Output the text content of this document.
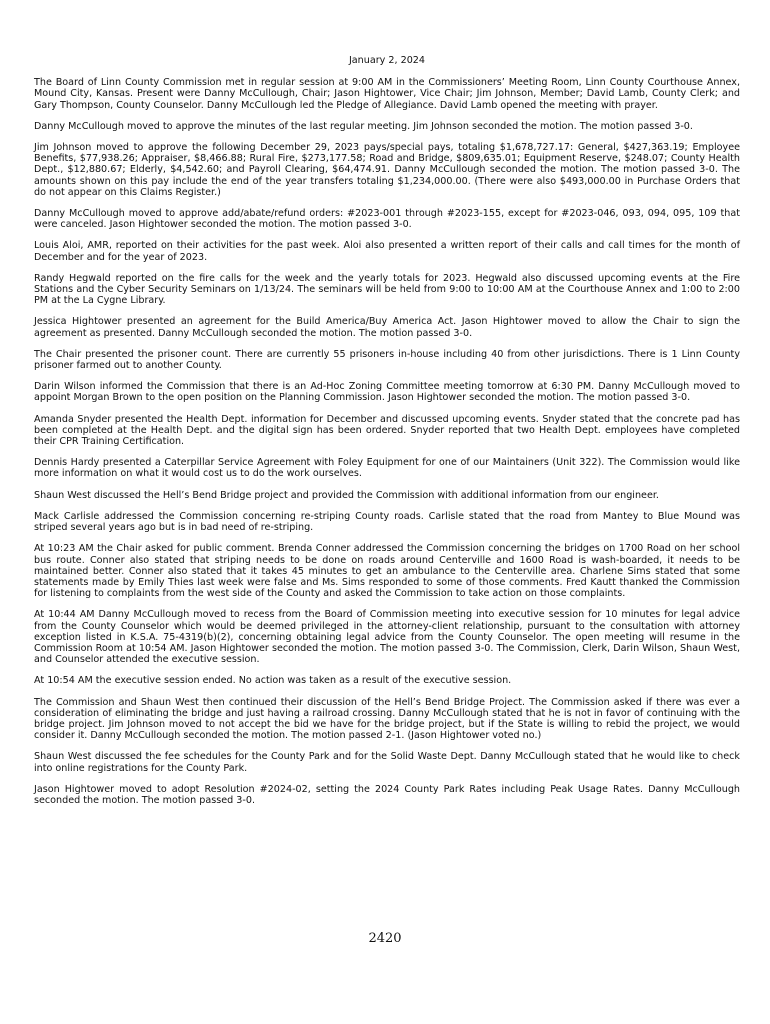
January 2, 2024
The Board of Linn County Commission met in regular session at 9:00 AM in the Commissioners’ Meeting Room, Linn County Courthouse Annex, Mound City, Kansas. Present were Danny McCullough, Chair; Jason Hightower, Vice Chair; Jim Johnson, Member; David Lamb, County Clerk; and Gary Thompson, County Counselor. Danny McCullough led the Pledge of Allegiance. David Lamb opened the meeting with prayer.
Danny McCullough moved to approve the minutes of the last regular meeting. Jim Johnson seconded the motion. The motion passed 3-0.
Jim Johnson moved to approve the following December 29, 2023 pays/special pays, totaling $1,678,727.17: General, $427,363.19; Employee Benefits, $77,938.26; Appraiser, $8,466.88; Rural Fire, $273,177.58; Road and Bridge, $809,635.01; Equipment Reserve, $248.07; County Health Dept., $12,880.67; Elderly, $4,542.60; and Payroll Clearing, $64,474.91. Danny McCullough seconded the motion. The motion passed 3-0. The amounts shown on this pay include the end of the year transfers totaling $1,234,000.00. (There were also $493,000.00 in Purchase Orders that do not appear on this Claims Register.)
Danny McCullough moved to approve add/abate/refund orders: #2023-001 through #2023-155, except for #2023-046, 093, 094, 095, 109 that were canceled. Jason Hightower seconded the motion. The motion passed 3-0.
Louis Aloi, AMR, reported on their activities for the past week. Aloi also presented a written report of their calls and call times for the month of December and for the year of 2023.
Randy Hegwald reported on the fire calls for the week and the yearly totals for 2023. Hegwald also discussed upcoming events at the Fire Stations and the Cyber Security Seminars on 1/13/24. The seminars will be held from 9:00 to 10:00 AM at the Courthouse Annex and 1:00 to 2:00 PM at the La Cygne Library.
Jessica Hightower presented an agreement for the Build America/Buy America Act. Jason Hightower moved to allow the Chair to sign the agreement as presented. Danny McCullough seconded the motion. The motion passed 3-0.
The Chair presented the prisoner count. There are currently 55 prisoners in-house including 40 from other jurisdictions. There is 1 Linn County prisoner farmed out to another County.
Darin Wilson informed the Commission that there is an Ad-Hoc Zoning Committee meeting tomorrow at 6:30 PM. Danny McCullough moved to appoint Morgan Brown to the open position on the Planning Commission. Jason Hightower seconded the motion. The motion passed 3-0.
Amanda Snyder presented the Health Dept. information for December and discussed upcoming events. Snyder stated that the concrete pad has been completed at the Health Dept. and the digital sign has been ordered. Snyder reported that two Health Dept. employees have completed their CPR Training Certification.
Dennis Hardy presented a Caterpillar Service Agreement with Foley Equipment for one of our Maintainers (Unit 322). The Commission would like more information on what it would cost us to do the work ourselves.
Shaun West discussed the Hell’s Bend Bridge project and provided the Commission with additional information from our engineer.
Mack Carlisle addressed the Commission concerning re-striping County roads. Carlisle stated that the road from Mantey to Blue Mound was striped several years ago but is in bad need of re-striping.
At 10:23 AM the Chair asked for public comment. Brenda Conner addressed the Commission concerning the bridges on 1700 Road on her school bus route. Conner also stated that striping needs to be done on roads around Centerville and 1600 Road is wash-boarded, it needs to be maintained better. Conner also stated that it takes 45 minutes to get an ambulance to the Centerville area. Charlene Sims stated that some statements made by Emily Thies last week were false and Ms. Sims responded to some of those comments. Fred Kautt thanked the Commission for listening to complaints from the west side of the County and asked the Commission to take action on those complaints.
At 10:44 AM Danny McCullough moved to recess from the Board of Commission meeting into executive session for 10 minutes for legal advice from the County Counselor which would be deemed privileged in the attorney-client relationship, pursuant to the consultation with attorney exception listed in K.S.A. 75-4319(b)(2), concerning obtaining legal advice from the County Counselor. The open meeting will resume in the Commission Room at 10:54 AM. Jason Hightower seconded the motion. The motion passed 3-0. The Commission, Clerk, Darin Wilson, Shaun West, and Counselor attended the executive session.
At 10:54 AM the executive session ended. No action was taken as a result of the executive session.
The Commission and Shaun West then continued their discussion of the Hell’s Bend Bridge Project. The Commission asked if there was ever a consideration of eliminating the bridge and just having a railroad crossing. Danny McCullough stated that he is not in favor of continuing with the bridge project. Jim Johnson moved to not accept the bid we have for the bridge project, but if the State is willing to rebid the project, we would consider it. Danny McCullough seconded the motion. The motion passed 2-1. (Jason Hightower voted no.)
Shaun West discussed the fee schedules for the County Park and for the Solid Waste Dept. Danny McCullough stated that he would like to check into online registrations for the County Park.
Jason Hightower moved to adopt Resolution #2024-02, setting the 2024 County Park Rates including Peak Usage Rates. Danny McCullough seconded the motion. The motion passed 3-0.
2420
